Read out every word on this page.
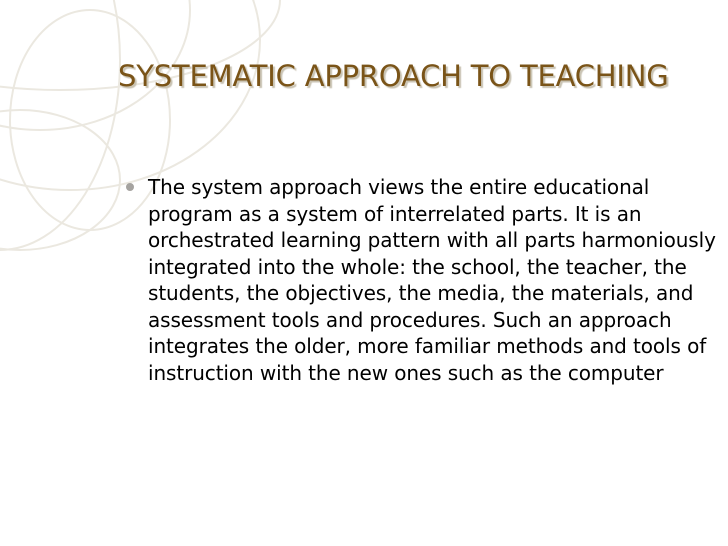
SYSTEMATIC APPROACH TO TEACHING
The system approach views the entire educational program as a system of interrelated parts. It is an orchestrated learning pattern with all parts harmoniously integrated into the whole: the school, the teacher, the students, the objectives, the media, the materials, and assessment tools and procedures. Such an approach integrates the older, more familiar methods and tools of instruction with the new ones such as the computer
